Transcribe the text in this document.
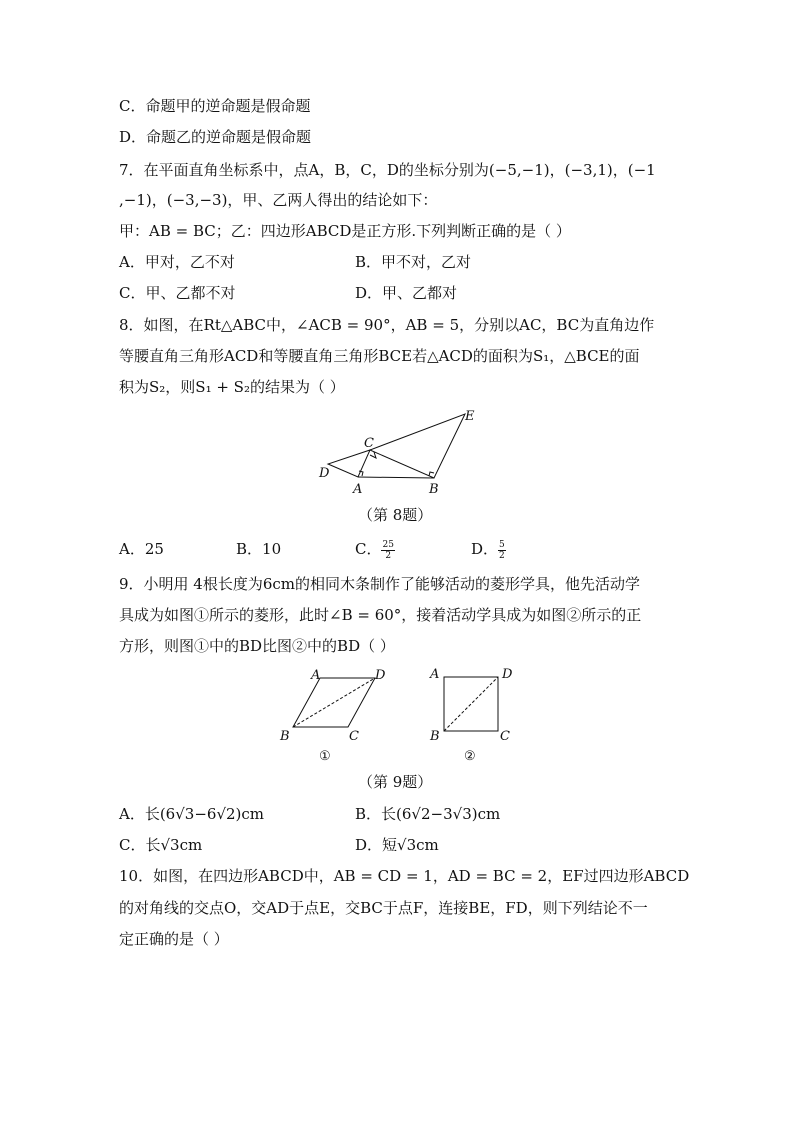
C．命题甲的逆命题是假命题
D．命题乙的逆命题是假命题
7．在平面直角坐标系中，点A，B，C，D的坐标分别为(−5,−1)，(−3,1)，(−1
,−1)，(−3,−3)，甲、乙两人得出的结论如下：
甲：AB = BC；乙：四边形ABCD是正方形.下列判断正确的是（ ）
A．甲对，乙不对	B．甲不对，乙对
C．甲、乙都不对	D．甲、乙都对
8．如图，在Rt△ABC中，∠ACB = 90°，AB = 5，分别以AC，BC为直角边作
等腰直角三角形ACD和等腰直角三角形BCE若△ACD的面积为S₁，△BCE的面
积为S₂，则S₁ + S₂的结果为（ ）
C
E
D
A	B
（第 8题）
A．25	B．10	C． $\frac{25}{2}$	D． $\frac{5}{2}$
9．小明用 4根长度为6cm的相同木条制作了能够活动的菱形学具，他先活动学
具成为如图①所示的菱形，此时∠B = 60°，接着活动学具成为如图②所示的正
方形，则图①中的BD比图②中的BD（ ）
A	D
B	C
①
A	D
B	C
②
（第 9题）
A．长(6√3−6√2)cm	B．长(6√2−3√3)cm
C．长√3cm	D．短√3cm
10．如图，在四边形ABCD中，AB = CD = 1，AD = BC = 2，EF过四边形ABCD
的对角线的交点O，交AD于点E，交BC于点F，连接BE，FD，则下列结论不一
定正确的是（ ）
